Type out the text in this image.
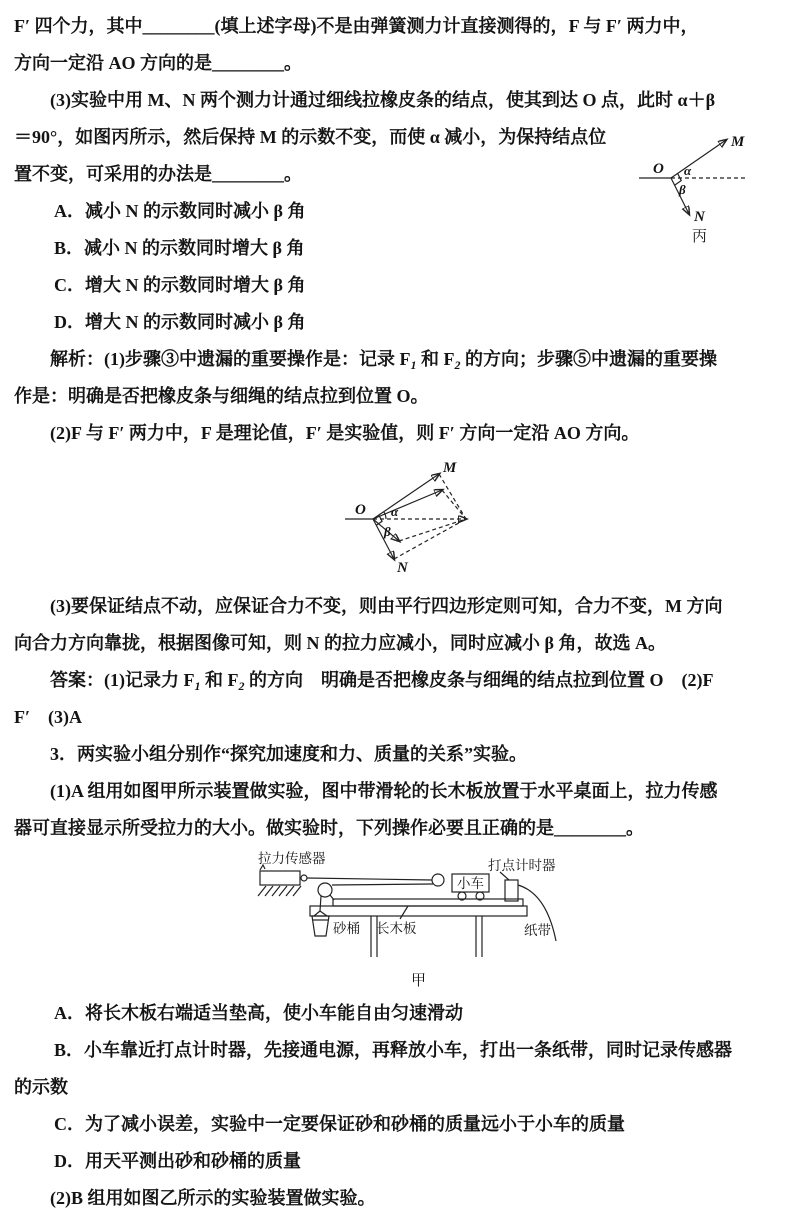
F′ 四个力，其中________(填上述字母)不是由弹簧测力计直接测得的，F 与 F′ 两力中，
方向一定沿 AO 方向的是________。
(3)实验中用 M、N 两个测力计通过细线拉橡皮条的结点，使其到达 O 点，此时 α＋β
＝90°，如图丙所示，然后保持 M 的示数不变，而使 α 减小，为保持结点位
置不变，可采用的办法是________。
A．减小 N 的示数同时减小 β 角
B．减小 N 的示数同时增大 β 角
C．增大 N 的示数同时增大 β 角
D．增大 N 的示数同时减小 β 角
解析：(1)步骤③中遗漏的重要操作是：记录 $F_1$ 和 $F_2$ 的方向；步骤⑤中遗漏的重要操
作是：明确是否把橡皮条与细绳的结点拉到位置 O。
(2)F 与 F′ 两力中，F 是理论值，F′ 是实验值，则 F′ 方向一定沿 AO 方向。
O
M
α
β
N
(3)要保证结点不动，应保证合力不变，则由平行四边形定则可知，合力不变，M 方向
向合力方向靠拢，根据图像可知，则 N 的拉力应减小，同时应减小 β 角，故选 A。
答案：(1)记录力 $F_1$ 和 $F_2$ 的方向　明确是否把橡皮条与细绳的结点拉到位置 O　(2)F
F′　(3)A
3．两实验小组分别作“探究加速度和力、质量的关系”实验。
(1)A 组用如图甲所示装置做实验，图中带滑轮的长木板放置于水平桌面上，拉力传感
器可直接显示所受拉力的大小。做实验时，下列操作必要且正确的是________。
拉力传感器
砂桶 长木板
小车
打点计时器
纸带
甲
A．将长木板右端适当垫高，使小车能自由匀速滑动
B．小车靠近打点计时器，先接通电源，再释放小车，打出一条纸带，同时记录传感器
的示数
C．为了减小误差，实验中一定要保证砂和砂桶的质量远小于小车的质量
D．用天平测出砂和砂桶的质量
(2)B 组用如图乙所示的实验装置做实验。
O
M
α
β
N
丙
